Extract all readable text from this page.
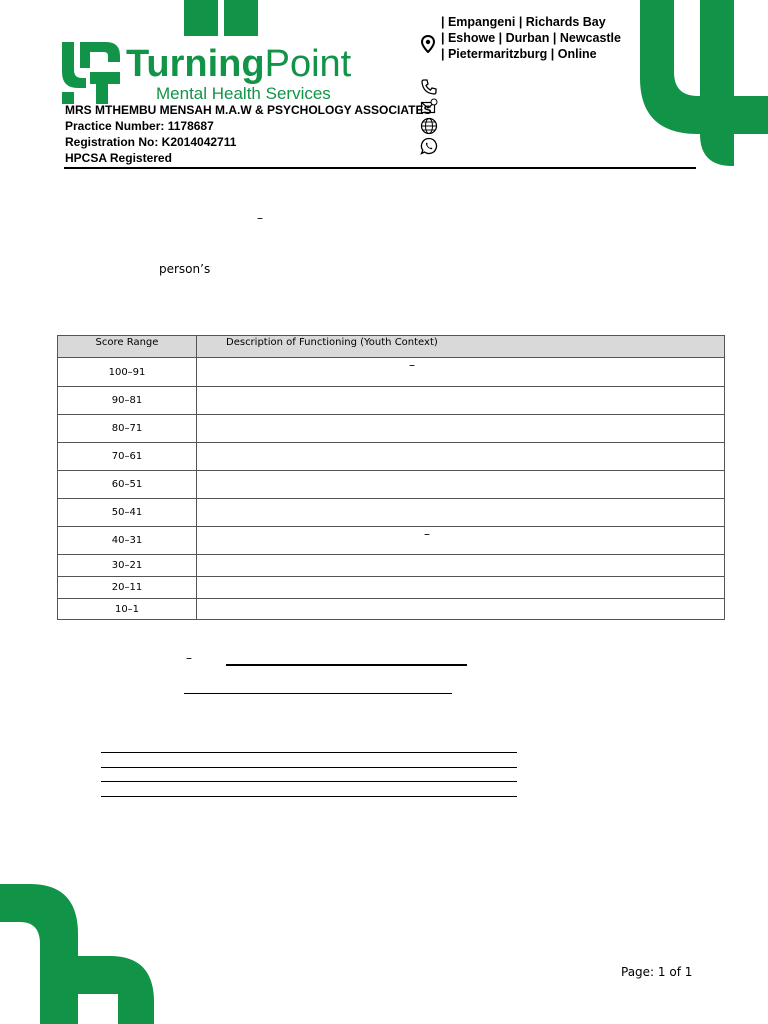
TurningPoint
Mental Health Services
MRS MTHEMBU MENSAH M.A.W & PSYCHOLOGY ASSOCIATES
Practice Number: 1178687
Registration No: K2014042711
HPCSA Registered
| Empangeni | Richards Bay
| Eshowe | Durban | Newcastle
| Pietermaritzburg | Online
–
person’s
Score Range	Description of Functioning (Youth Context)

100–91	–

90–81	
80–71	
70–61	
60–51	
50–41	
40–31	–

30–21	
20–11	
10–1	
–
Page: 1 of 1
